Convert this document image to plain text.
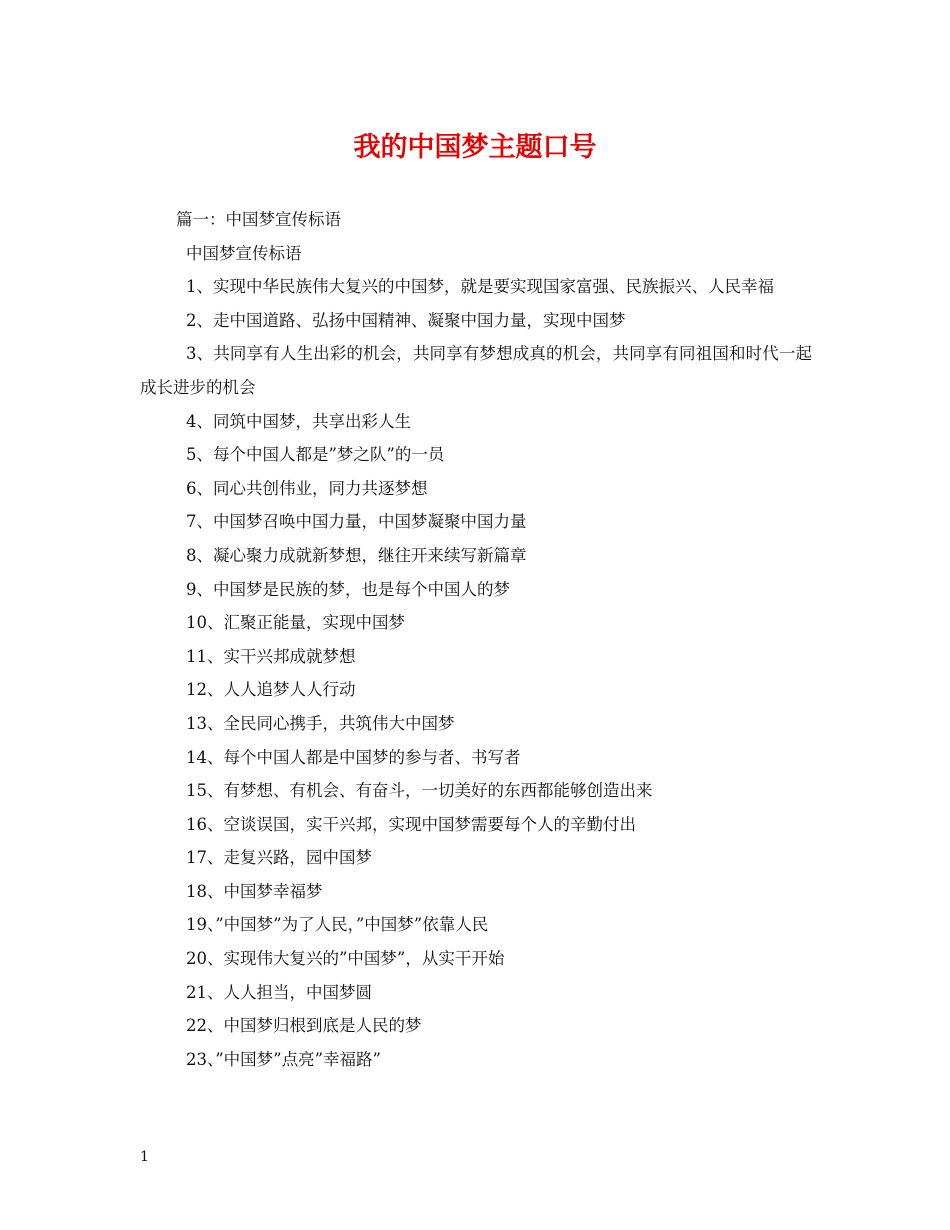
我的中国梦主题口号

篇一：中国梦宣传标语

中国梦宣传标语

1、实现中华民族伟大复兴的中国梦，就是要实现国家富强、民族振兴、人民幸福

2、走中国道路、弘扬中国精神、凝聚中国力量，实现中国梦

3、共同享有人生出彩的机会，共同享有梦想成真的机会，共同享有同祖国和时代一起 成长进步的机会

4、同筑中国梦，共享出彩人生

5、每个中国人都是”梦之队”的一员

6、同心共创伟业，同力共逐梦想

7、中国梦召唤中国力量，中国梦凝聚中国力量

8、凝心聚力成就新梦想，继往开来续写新篇章

9、中国梦是民族的梦，也是每个中国人的梦

10、汇聚正能量，实现中国梦

11、实干兴邦成就梦想

12、人人追梦人人行动

13、全民同心携手，共筑伟大中国梦

14、每个中国人都是中国梦的参与者、书写者

15、有梦想、有机会、有奋斗，一切美好的东西都能够创造出来

16、空谈误国，实干兴邦，实现中国梦需要每个人的辛勤付出

17、走复兴路，园中国梦

18、中国梦幸福梦

19、”中国梦”为了人民，”中国梦”依靠人民

20、实现伟大复兴的”中国梦”，从实干开始

21、人人担当，中国梦圆

22、中国梦归根到底是人民的梦

23、”中国梦”点亮”幸福路”

1
